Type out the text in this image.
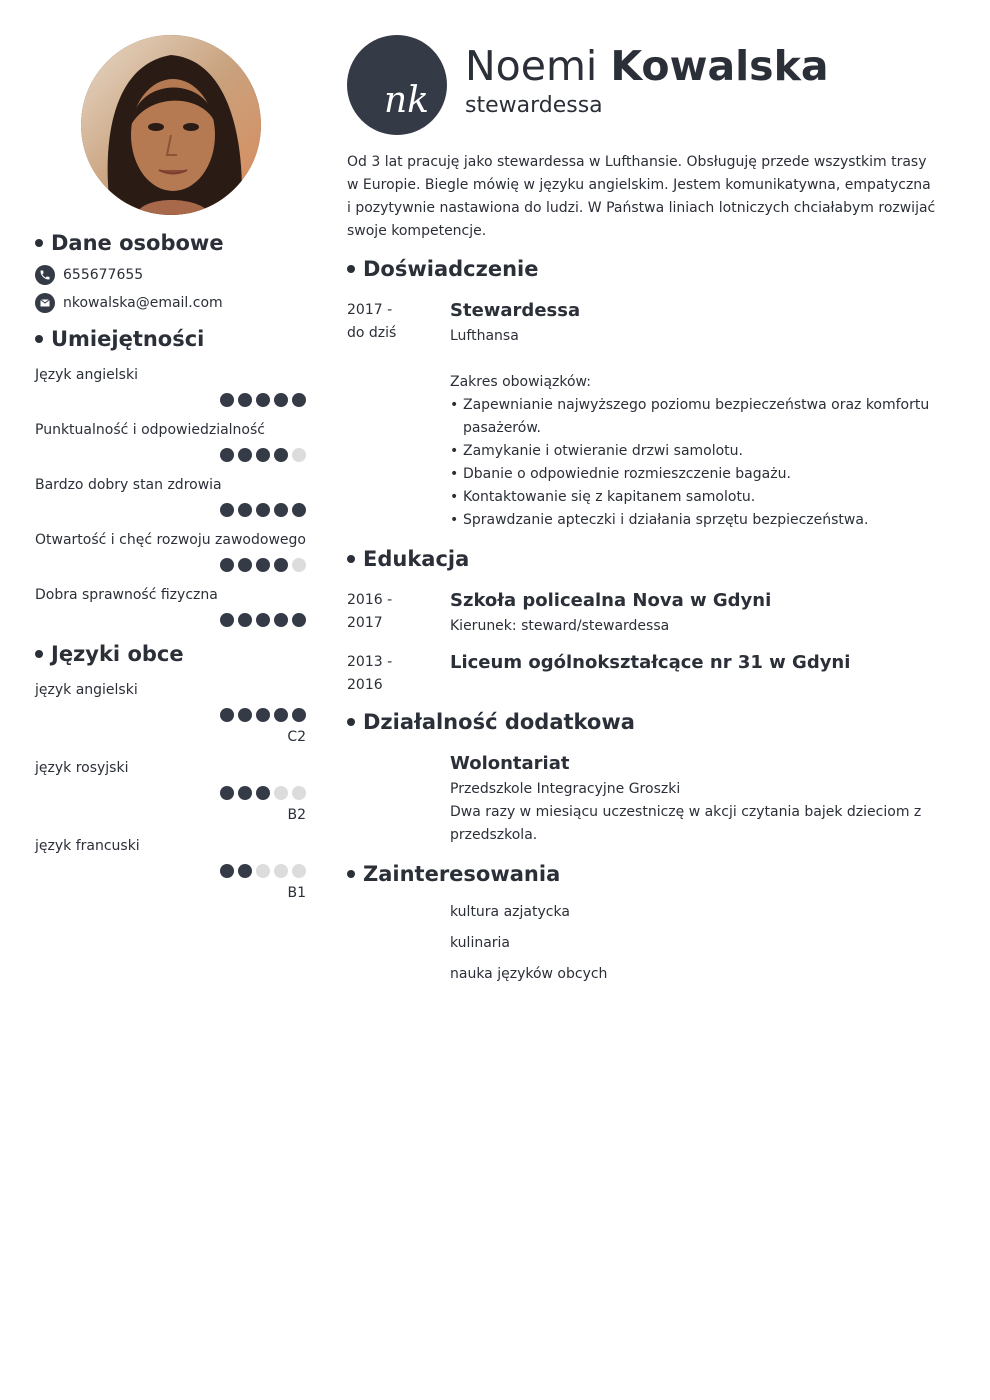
Dane osobowe
655677655
nkowalska@email.com
Umiejętności
Język angielski
Punktualność i odpowiedzialność
Bardzo dobry stan zdrowia
Otwartość i chęć rozwoju zawodowego
Dobra sprawność fizyczna
Języki obce
język angielski
C2
język rosyjski
B2
język francuski
B1
nk
Noemi Kowalska
stewardessa
Od 3 lat pracuję jako stewardessa w Lufthansie. Obsługuję przede wszystkim trasy w Europie. Biegle mówię w języku angielskim. Jestem komunikatywna, empatyczna i pozytywnie nastawiona do ludzi. W Państwa liniach lotniczych chciałabym rozwijać swoje kompetencje.
Doświadczenie
2017 -
do dziś
Stewardessa
Lufthansa
Zakres obowiązków:
• Zapewnianie najwyższego poziomu bezpieczeństwa oraz komfortu pasażerów.
• Zamykanie i otwieranie drzwi samolotu.
• Dbanie o odpowiednie rozmieszczenie bagażu.
• Kontaktowanie się z kapitanem samolotu.
• Sprawdzanie apteczki i działania sprzętu bezpieczeństwa.
Edukacja
2016 -
2017
Szkoła policealna Nova w Gdyni
Kierunek: steward/stewardessa
2013 -
2016
Liceum ogólnokształcące nr 31 w Gdyni
Działalność dodatkowa
Wolontariat
Przedszkole Integracyjne Groszki
Dwa razy w miesiącu uczestniczę w akcji czytania bajek dzieciom z przedszkola.
Zainteresowania
kultura azjatycka
kulinaria
nauka języków obcych
